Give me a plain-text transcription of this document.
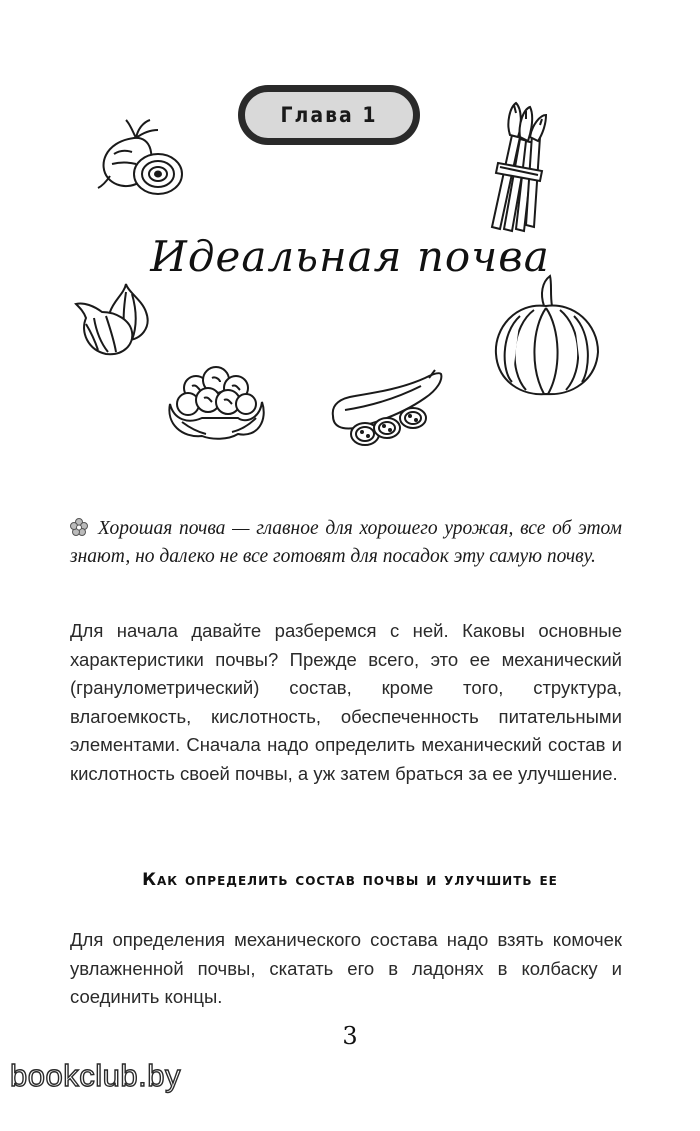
Глава 1
Идеальная почва
Хорошая почва — главное для хорошего урожая, все об этом знают, но далеко не все готовят для посадок эту самую почву.
Для начала давайте разберемся с ней. Каковы основные характеристики почвы? Прежде всего, это ее механический (гранулометрический) состав, кроме того, структура, влагоемкость, кислотность, обеспеченность питательными элементами. Сначала надо определить механический состав и кислотность своей почвы, а уж затем браться за ее улучшение.
Как определить состав почвы и улучшить ее
Для определения механического состава надо взять комочек увлажненной почвы, скатать его в ладонях в колбаску и соединить концы.
3
bookclub.by
